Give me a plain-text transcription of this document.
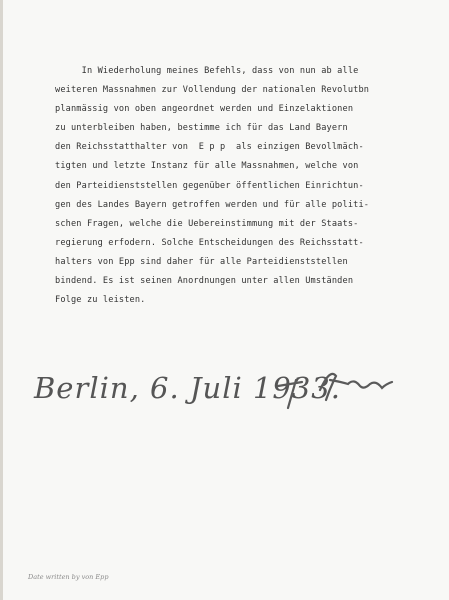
In Wiederholung meines Befehls, dass von nun ab alle
weiteren Massnahmen zur Vollendung der nationalen Revolutbn
planmässig von oben angeordnet werden und Einzelaktionen
zu unterbleiben haben, bestimme ich für das Land Bayern
den Reichsstatthalter von  E p p  als einzigen Bevollmäch-
tigten und letzte Instanz für alle Massnahmen, welche von
den Parteidienststellen gegenüber öffentlichen Einrichtun-
gen des Landes Bayern getroffen werden und für alle politi-
schen Fragen, welche die Uebereinstimmung mit der Staats-
regierung erfodern. Solche Entscheidungen des Reichsstatt-
halters von Epp sind daher für alle Parteidienststellen
bindend. Es ist seinen Anordnungen unter allen Umständen
Folge zu leisten.
Berlin, 6. Juli 1933.
Date written by von Epp
